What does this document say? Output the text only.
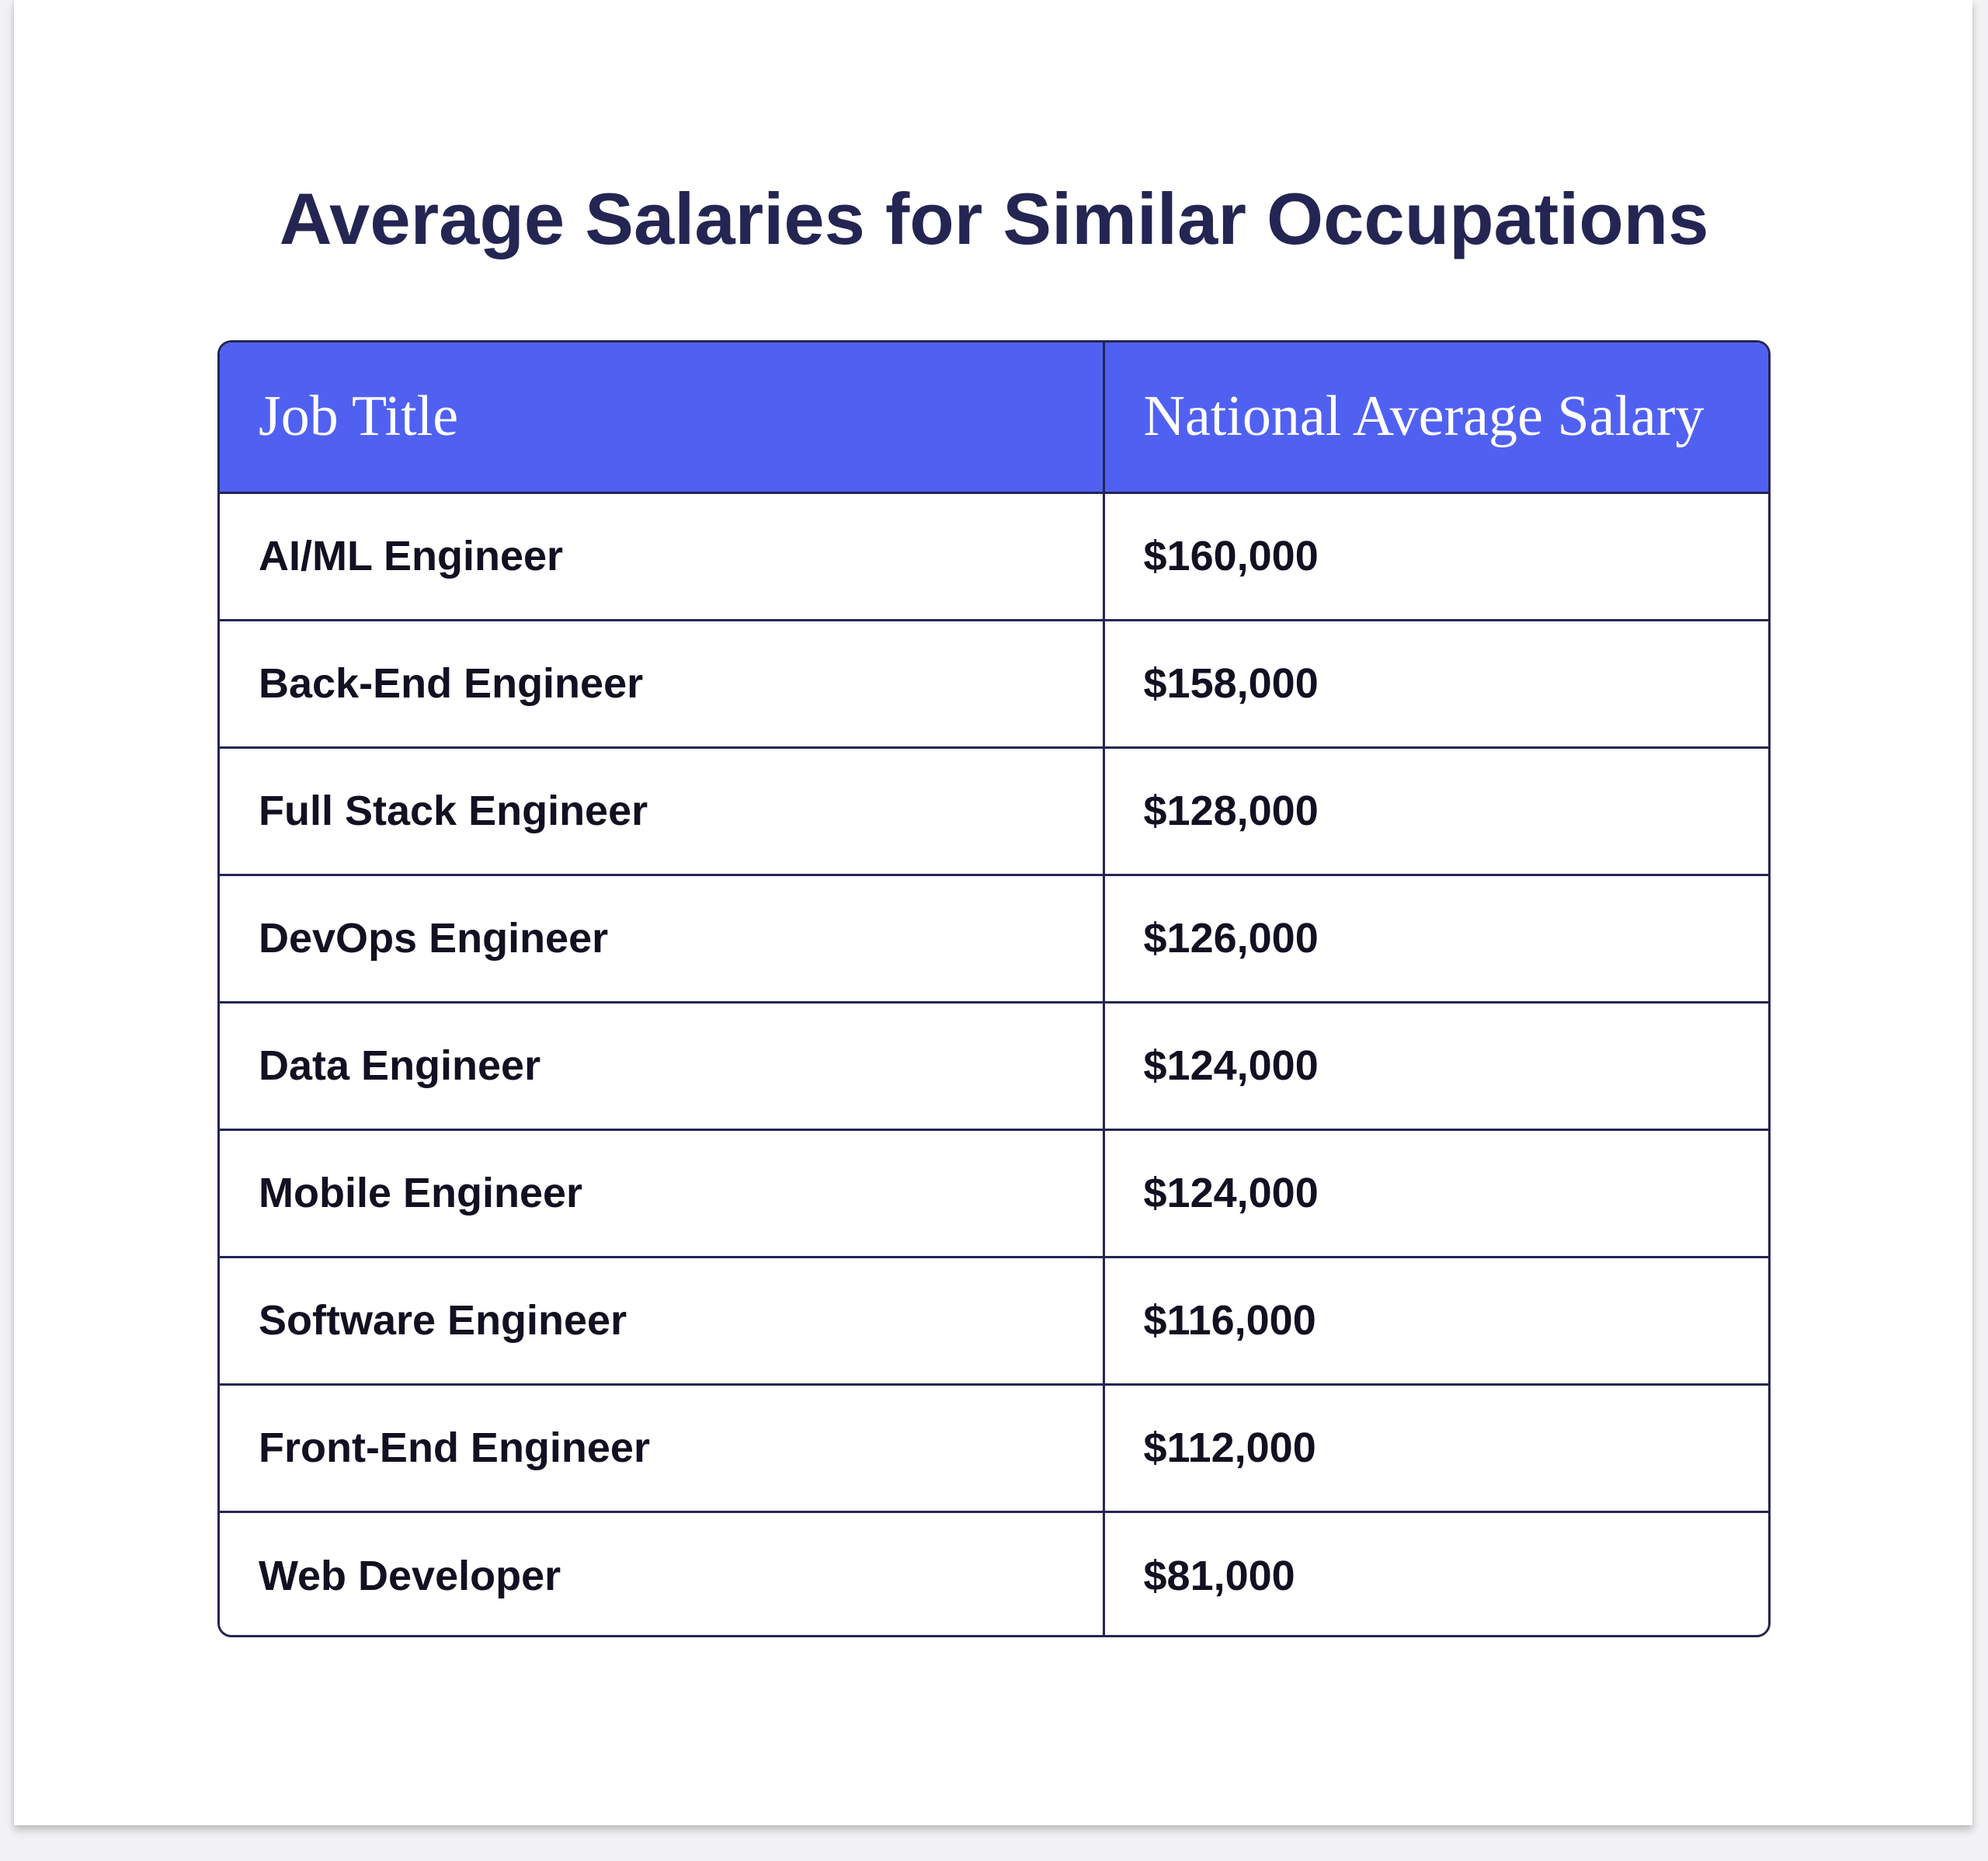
Average Salaries for Similar Occupations
Job Title	National Average Salary
AI/ML Engineer	$160,000
Back-End Engineer	$158,000
Full Stack Engineer	$128,000
DevOps Engineer	$126,000
Data Engineer	$124,000
Mobile Engineer	$124,000
Software Engineer	$116,000
Front-End Engineer	$112,000
Web Developer	$81,000
